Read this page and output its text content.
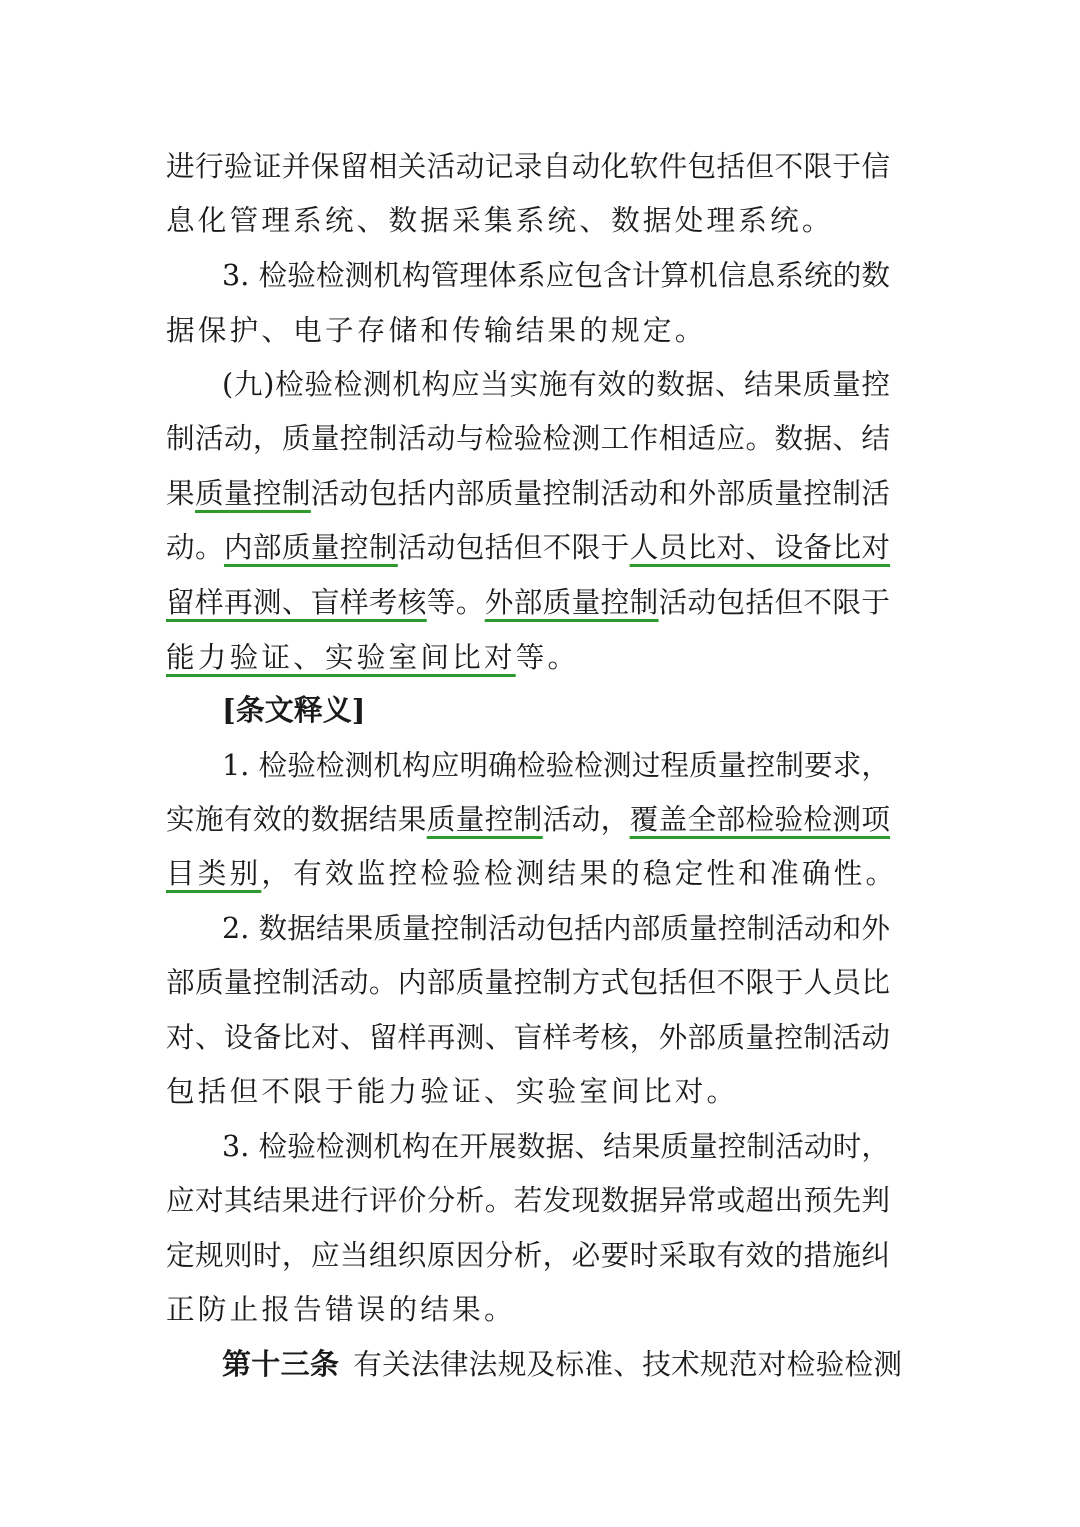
进行验证并保留相关活动记录自动化软件包括但不限于信
息化管理系统、数据采集系统、数据处理系统。
3. 检验检测机构管理体系应包含计算机信息系统的数
据保护、电子存储和传输结果的规定。
(九)检验检测机构应当实施有效的数据、结果质量控
制活动，质量控制活动与检验检测工作相适应。数据、结
果质量控制活动包括内部质量控制活动和外部质量控制活
动。内部质量控制活动包括但不限于人员比对、设备比对
留样再测、盲样考核等。外部质量控制活动包括但不限于
能力验证、实验室间比对等。
[条文释义]
1. 检验检测机构应明确检验检测过程质量控制要求，
实施有效的数据结果质量控制活动，覆盖全部检验检测项
目类别，有效监控检验检测结果的稳定性和准确性。
2. 数据结果质量控制活动包括内部质量控制活动和外
部质量控制活动。内部质量控制方式包括但不限于人员比
对、设备比对、留样再测、盲样考核，外部质量控制活动
包括但不限于能力验证、实验室间比对。
3. 检验检测机构在开展数据、结果质量控制活动时，
应对其结果进行评价分析。若发现数据异常或超出预先判
定规则时，应当组织原因分析，必要时采取有效的措施纠
正防止报告错误的结果。
第十三条 有关法律法规及标准、技术规范对检验检测
